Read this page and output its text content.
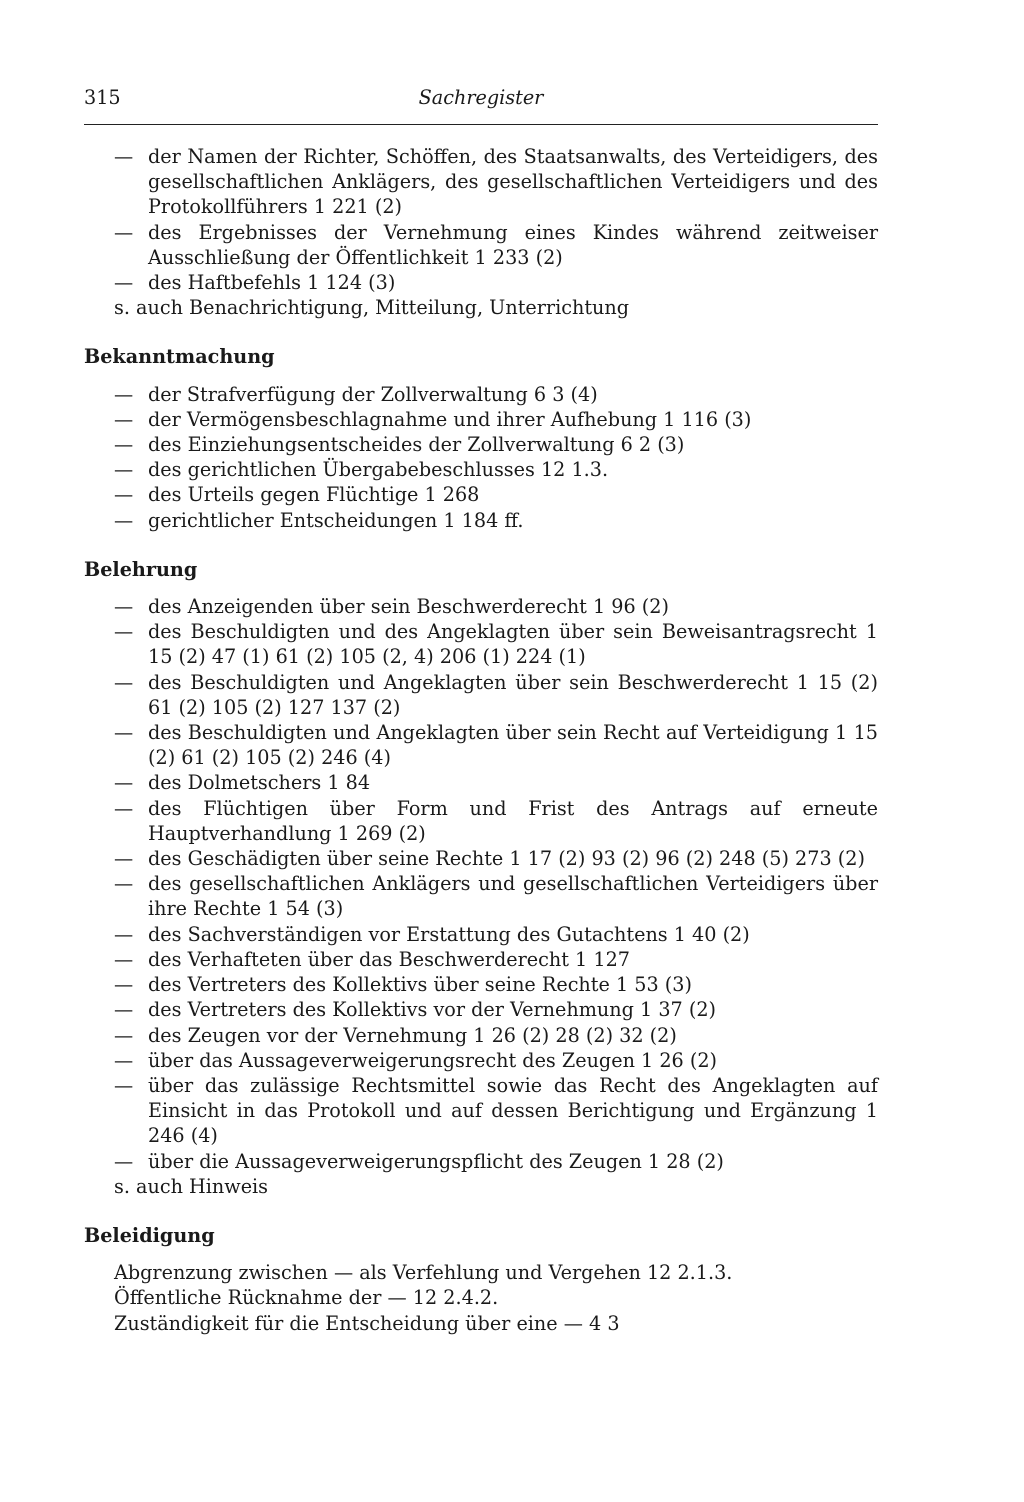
315	Sachregister
— der Namen der Richter, Schöffen, des Staatsanwalts, des Verteidigers, des gesellschaftlichen Anklägers, des gesellschaftlichen Verteidigers und des Protokollführers 1 221 (2)
— des Ergebnisses der Vernehmung eines Kindes während zeitweiser Ausschließung der Öffentlichkeit 1 233 (2)
— des Haftbefehls 1 124 (3)
s. auch Benachrichtigung, Mitteilung, Unterrichtung
Bekanntmachung
— der Strafverfügung der Zollverwaltung 6 3 (4)
— der Vermögensbeschlagnahme und ihrer Aufhebung 1 116 (3)
— des Einziehungsentscheides der Zollverwaltung 6 2 (3)
— des gerichtlichen Übergabebeschlusses 12 1.3.
— des Urteils gegen Flüchtige 1 268
— gerichtlicher Entscheidungen 1 184 ff.
Belehrung
— des Anzeigenden über sein Beschwerderecht 1 96 (2)
— des Beschuldigten und des Angeklagten über sein Beweisantragsrecht 1 15 (2) 47 (1) 61 (2) 105 (2, 4) 206 (1) 224 (1)
— des Beschuldigten und Angeklagten über sein Beschwerderecht 1 15 (2) 61 (2) 105 (2) 127 137 (2)
— des Beschuldigten und Angeklagten über sein Recht auf Verteidigung 1 15 (2) 61 (2) 105 (2) 246 (4)
— des Dolmetschers 1 84
— des Flüchtigen über Form und Frist des Antrags auf erneute Hauptverhandlung 1 269 (2)
— des Geschädigten über seine Rechte 1 17 (2) 93 (2) 96 (2) 248 (5) 273 (2)
— des gesellschaftlichen Anklägers und gesellschaftlichen Verteidigers über ihre Rechte 1 54 (3)
— des Sachverständigen vor Erstattung des Gutachtens 1 40 (2)
— des Verhafteten über das Beschwerderecht 1 127
— des Vertreters des Kollektivs über seine Rechte 1 53 (3)
— des Vertreters des Kollektivs vor der Vernehmung 1 37 (2)
— des Zeugen vor der Vernehmung 1 26 (2) 28 (2) 32 (2)
— über das Aussageverweigerungsrecht des Zeugen 1 26 (2)
— über das zulässige Rechtsmittel sowie das Recht des Angeklagten auf Einsicht in das Protokoll und auf dessen Berichtigung und Ergänzung 1 246 (4)
— über die Aussageverweigerungspflicht des Zeugen 1 28 (2)
s. auch Hinweis
Beleidigung
Abgrenzung zwischen — als Verfehlung und Vergehen 12 2.1.3.
Öffentliche Rücknahme der — 12 2.4.2.
Zuständigkeit für die Entscheidung über eine — 4 3
